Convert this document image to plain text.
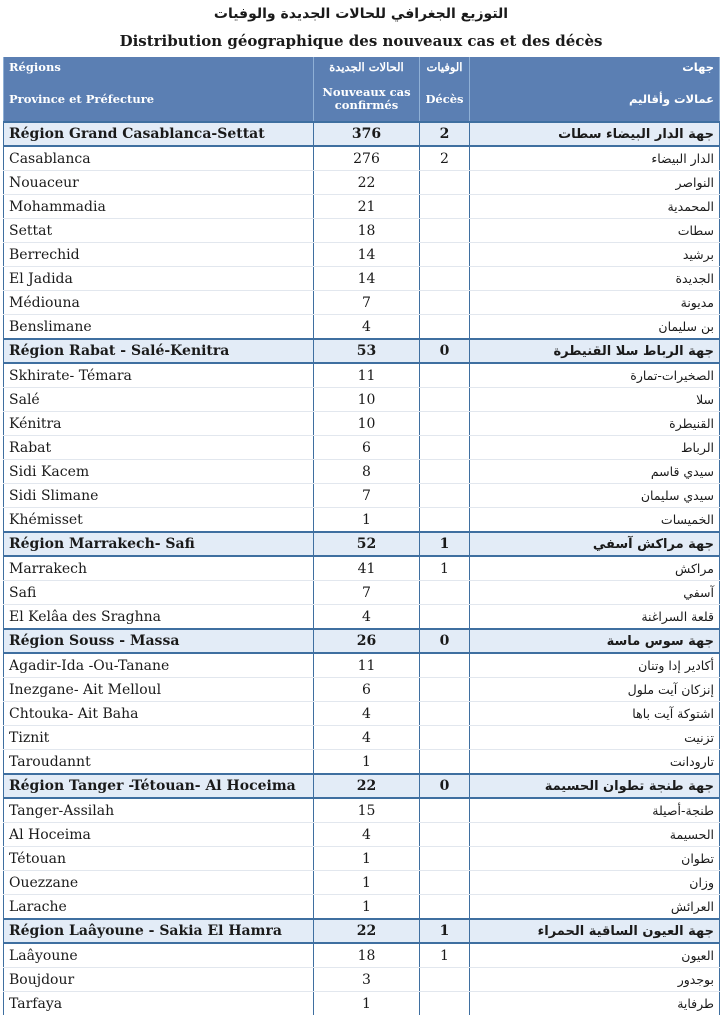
التوزيع الجغرافي للحالات الجديدة والوفيات
Distribution géographique des nouveaux cas et des décès
Régions	الحالات الجديدة	الوفيات	جهات
Province et Préfecture	Nouveaux cas confirmés	Décès	عمالات وأقاليم
Région Grand Casablanca-Settat	376	2	جهة الدار البيضاء سطات
Casablanca	276	2	الدار البيضاء
Nouaceur	22		النواصر
Mohammadia	21		المحمدية
Settat	18		سطات
Berrechid	14		برشيد
El Jadida	14		الجديدة
Médiouna	7		مديونة
Benslimane	4		بن سليمان
Région Rabat - Salé-Kenitra	53	0	جهة الرباط سلا القنيطرة
Skhirate- Témara	11		الصخيرات-تمارة
Salé	10		سلا
Kénitra	10		القنيطرة
Rabat	6		الرباط
Sidi Kacem	8		سيدي قاسم
Sidi Slimane	7		سيدي سليمان
Khémisset	1		الخميسات
Région Marrakech- Safi	52	1	جهة مراكش آسفي
Marrakech	41	1	مراكش
Safi	7		آسفي
El Kelâa des Sraghna	4		قلعة السراغنة
Région Souss - Massa	26	0	جهة سوس ماسة
Agadir-Ida -Ou-Tanane	11		أكادير إدا وتنان
Inezgane- Ait Melloul	6		إنزكان آيت ملول
Chtouka- Ait Baha	4		اشتوكة آيت باها
Tiznit	4		تزنيت
Taroudannt	1		تارودانت
Région Tanger -Tétouan- Al Hoceima	22	0	جهة طنجة تطوان الحسيمة
Tanger-Assilah	15		طنجة-أصيلة
Al Hoceima	4		الحسيمة
Tétouan	1		تطوان
Ouezzane	1		وزان
Larache	1		العرائش
Région Laâyoune - Sakia El Hamra	22	1	جهة العيون الساقية الحمراء
Laâyoune	18	1	العيون
Boujdour	3		بوجدور
Tarfaya	1		طرفاية
